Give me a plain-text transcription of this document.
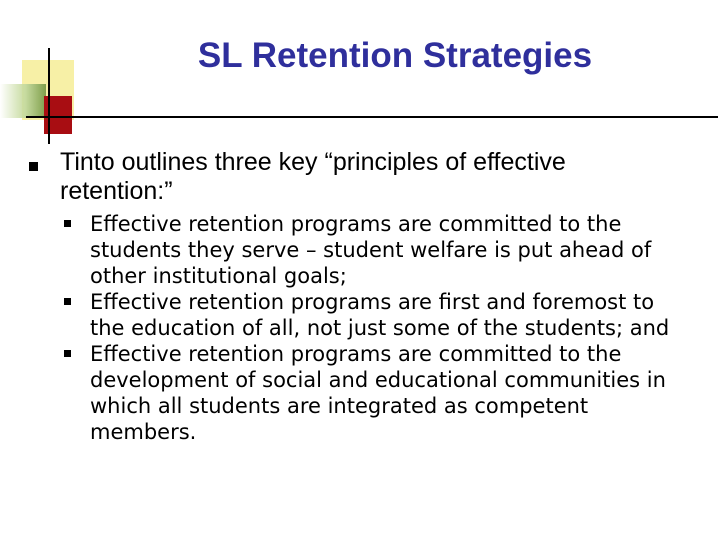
SL Retention Strategies
Tinto outlines three key “principles of effective retention:”
Effective retention programs are committed to the students they serve – student welfare is put ahead of other institutional goals;
Effective retention programs are first and foremost to the education of all, not just some of the students; and
Effective retention programs are committed to the development of social and educational communities in which all students are integrated as competent members.
